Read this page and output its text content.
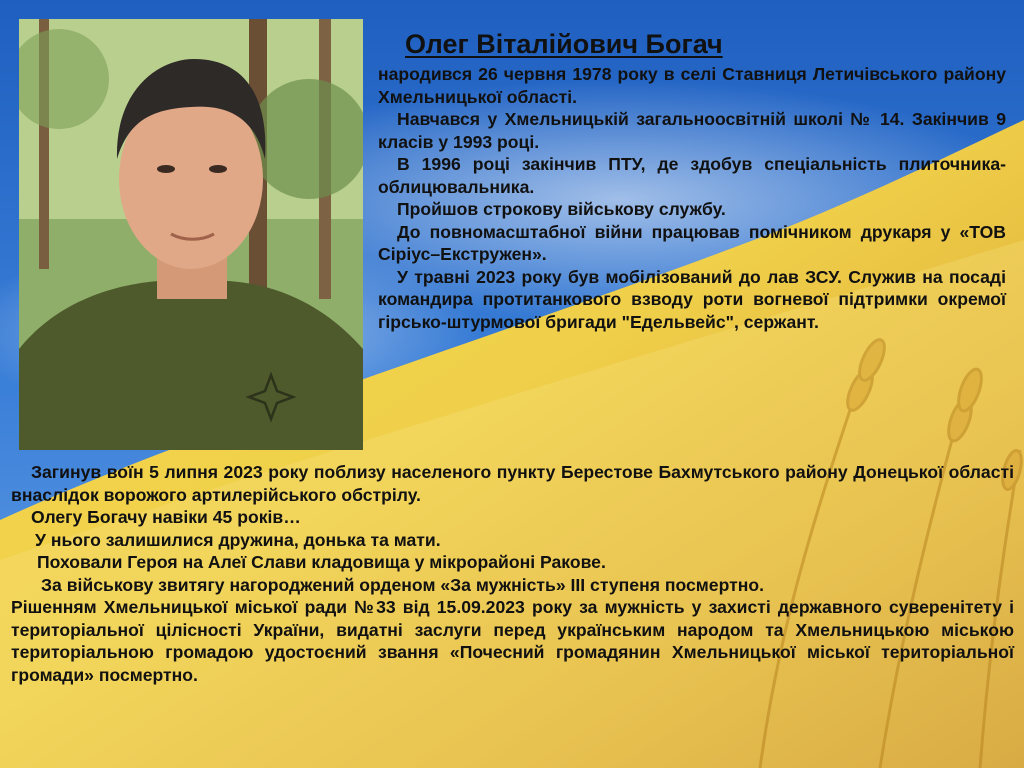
Олег Віталійович Богач
народився 26 червня 1978 року в селі Ставниця Летичівського району Хмельницької області.
Навчався у Хмельницькій загальноосвітній школі № 14. Закінчив 9 класів у 1993 році.
В 1996 році закінчив ПТУ, де здобув спеціальність плиточника-облицювальника.
Пройшов строкову військову службу.
До повномасштабної війни працював помічником друкаря у «ТОВ Сіріус–Екстружен».
У травні 2023 року був мобілізований до лав ЗСУ. Служив на посаді командира протитанкового взводу роти вогневої підтримки окремої гірсько-штурмової бригади "Едельвейс", сержант.
Загинув воїн 5 липня 2023 року поблизу населеного пункту Берестове Бахмутського району Донецької області внаслідок ворожого артилерійського обстрілу.
Олегу Богачу навіки 45 років…
У нього залишилися дружина, донька та мати.
Поховали Героя на Алеї Слави кладовища у мікрорайоні Ракове.
За військову звитягу нагороджений орденом «За мужність» ІІІ ступеня посмертно.
Рішенням Хмельницької міської ради №33 від 15.09.2023 року за мужність у захисті державного суверенітету і територіальної цілісності України, видатні заслуги перед українським народом та Хмельницькою міською територіальною громадою удостоєний звання «Почесний громадянин Хмельницької міської територіальної громади» посмертно.
